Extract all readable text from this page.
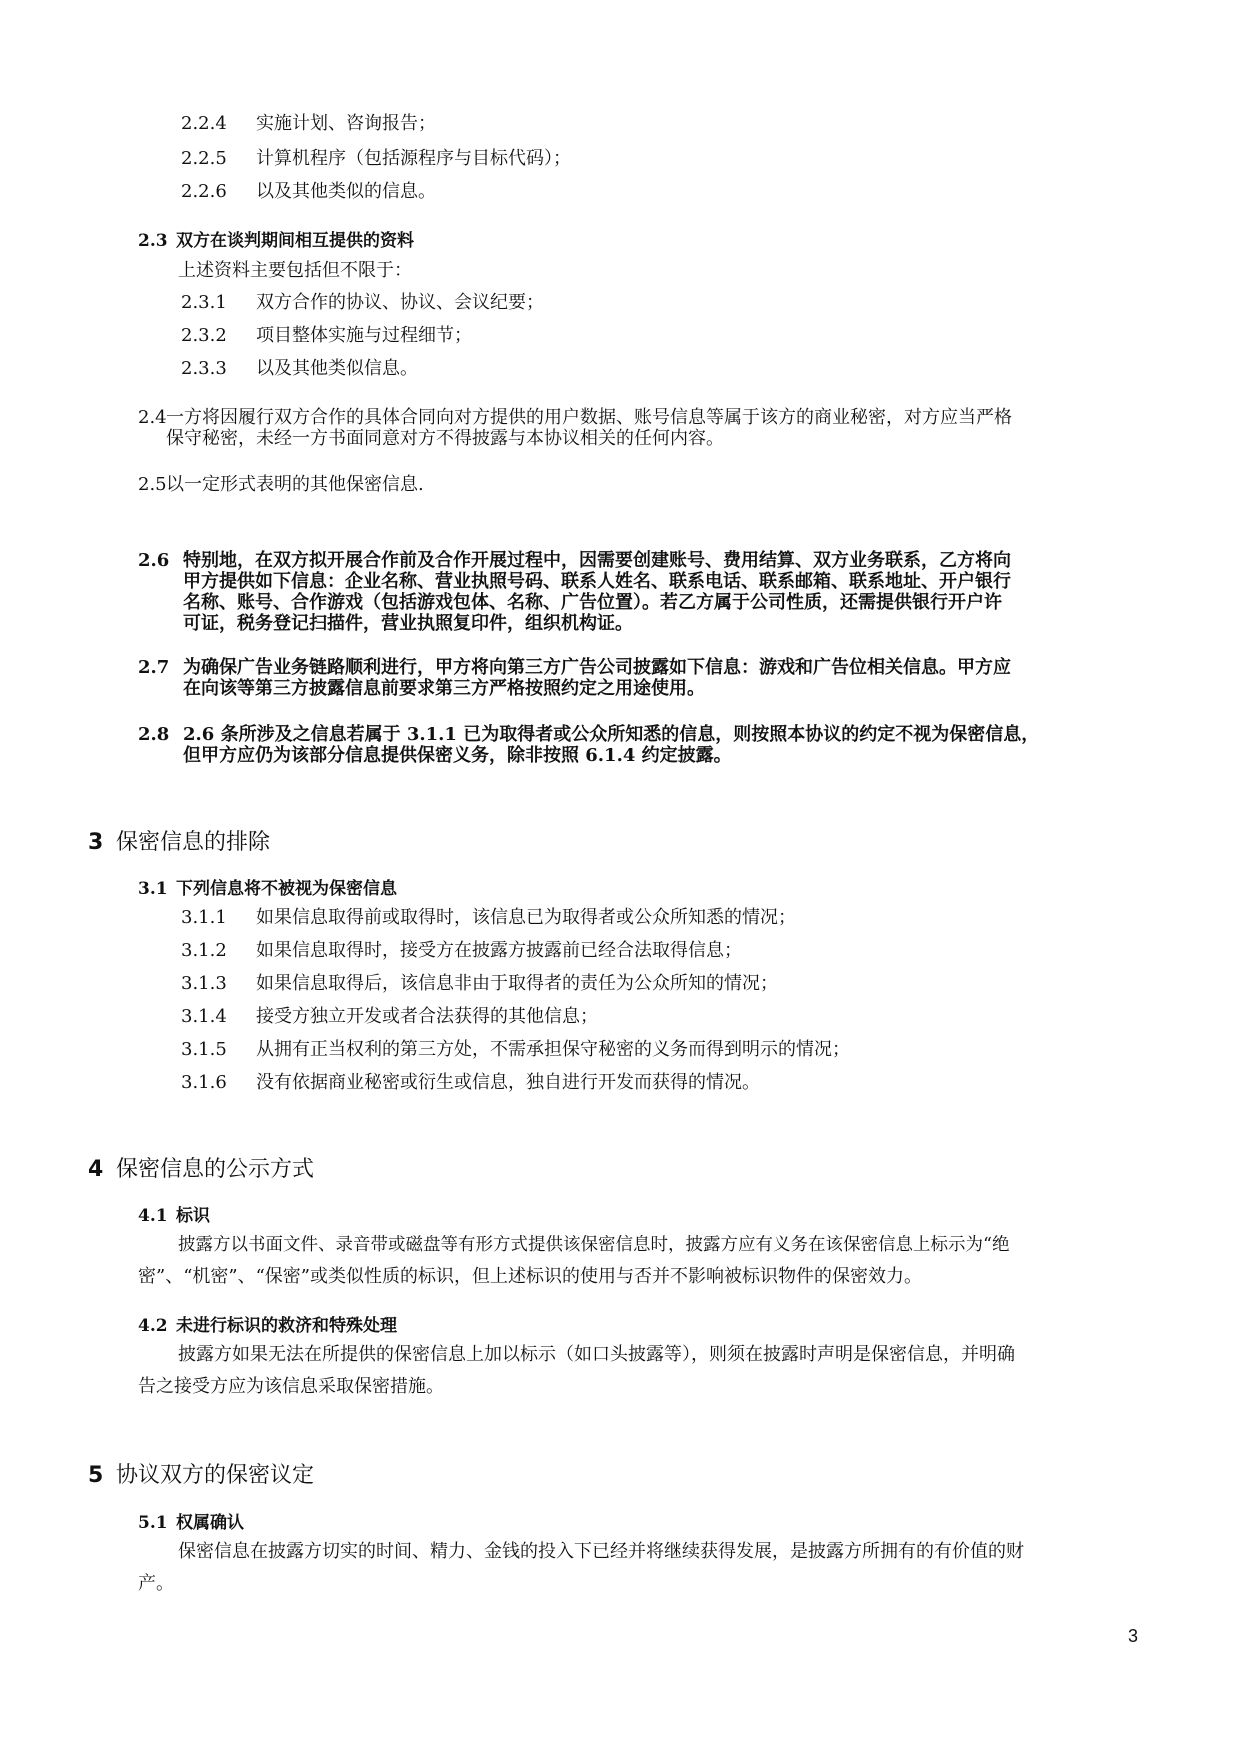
2.2.4 实施计划、咨询报告；
2.2.5 计算机程序（包括源程序与目标代码）；
2.2.6 以及其他类似的信息。
2.3 双方在谈判期间相互提供的资料
上述资料主要包括但不限于：
2.3.1 双方合作的协议、协议、会议纪要；
2.3.2 项目整体实施与过程细节；
2.3.3 以及其他类似信息。
2.4一方将因履行双方合作的具体合同向对方提供的用户数据、账号信息等属于该方的商业秘密，对方应当严格
保守秘密，未经一方书面同意对方不得披露与本协议相关的任何内容。
2.5以一定形式表明的其他保密信息.
2.6 特别地，在双方拟开展合作前及合作开展过程中，因需要创建账号、费用结算、双方业务联系，乙方将向
甲方提供如下信息：企业名称、营业执照号码、联系人姓名、联系电话、联系邮箱、联系地址、开户银行
名称、账号、合作游戏（包括游戏包体、名称、广告位置）。若乙方属于公司性质，还需提供银行开户许
可证，税务登记扫描件，营业执照复印件，组织机构证。
2.7 为确保广告业务链路顺利进行，甲方将向第三方广告公司披露如下信息：游戏和广告位相关信息。甲方应
在向该等第三方披露信息前要求第三方严格按照约定之用途使用。
2.8 2.6 条所涉及之信息若属于 3.1.1 已为取得者或公众所知悉的信息，则按照本协议的约定不视为保密信息，
但甲方应仍为该部分信息提供保密义务，除非按照 6.1.4 约定披露。
3 保密信息的排除
3.1 下列信息将不被视为保密信息
3.1.1 如果信息取得前或取得时，该信息已为取得者或公众所知悉的情况；
3.1.2 如果信息取得时，接受方在披露方披露前已经合法取得信息；
3.1.3 如果信息取得后，该信息非由于取得者的责任为公众所知的情况；
3.1.4 接受方独立开发或者合法获得的其他信息；
3.1.5 从拥有正当权利的第三方处，不需承担保守秘密的义务而得到明示的情况；
3.1.6 没有依据商业秘密或衍生或信息，独自进行开发而获得的情况。
4 保密信息的公示方式
4.1 标识
披露方以书面文件、录音带或磁盘等有形方式提供该保密信息时，披露方应有义务在该保密信息上标示为“绝
密”、“机密”、“保密”或类似性质的标识，但上述标识的使用与否并不影响被标识物件的保密效力。
4.2 未进行标识的救济和特殊处理
披露方如果无法在所提供的保密信息上加以标示（如口头披露等），则须在披露时声明是保密信息，并明确
告之接受方应为该信息采取保密措施。
5 协议双方的保密议定
5.1 权属确认
保密信息在披露方切实的时间、精力、金钱的投入下已经并将继续获得发展，是披露方所拥有的有价值的财
产。
3
